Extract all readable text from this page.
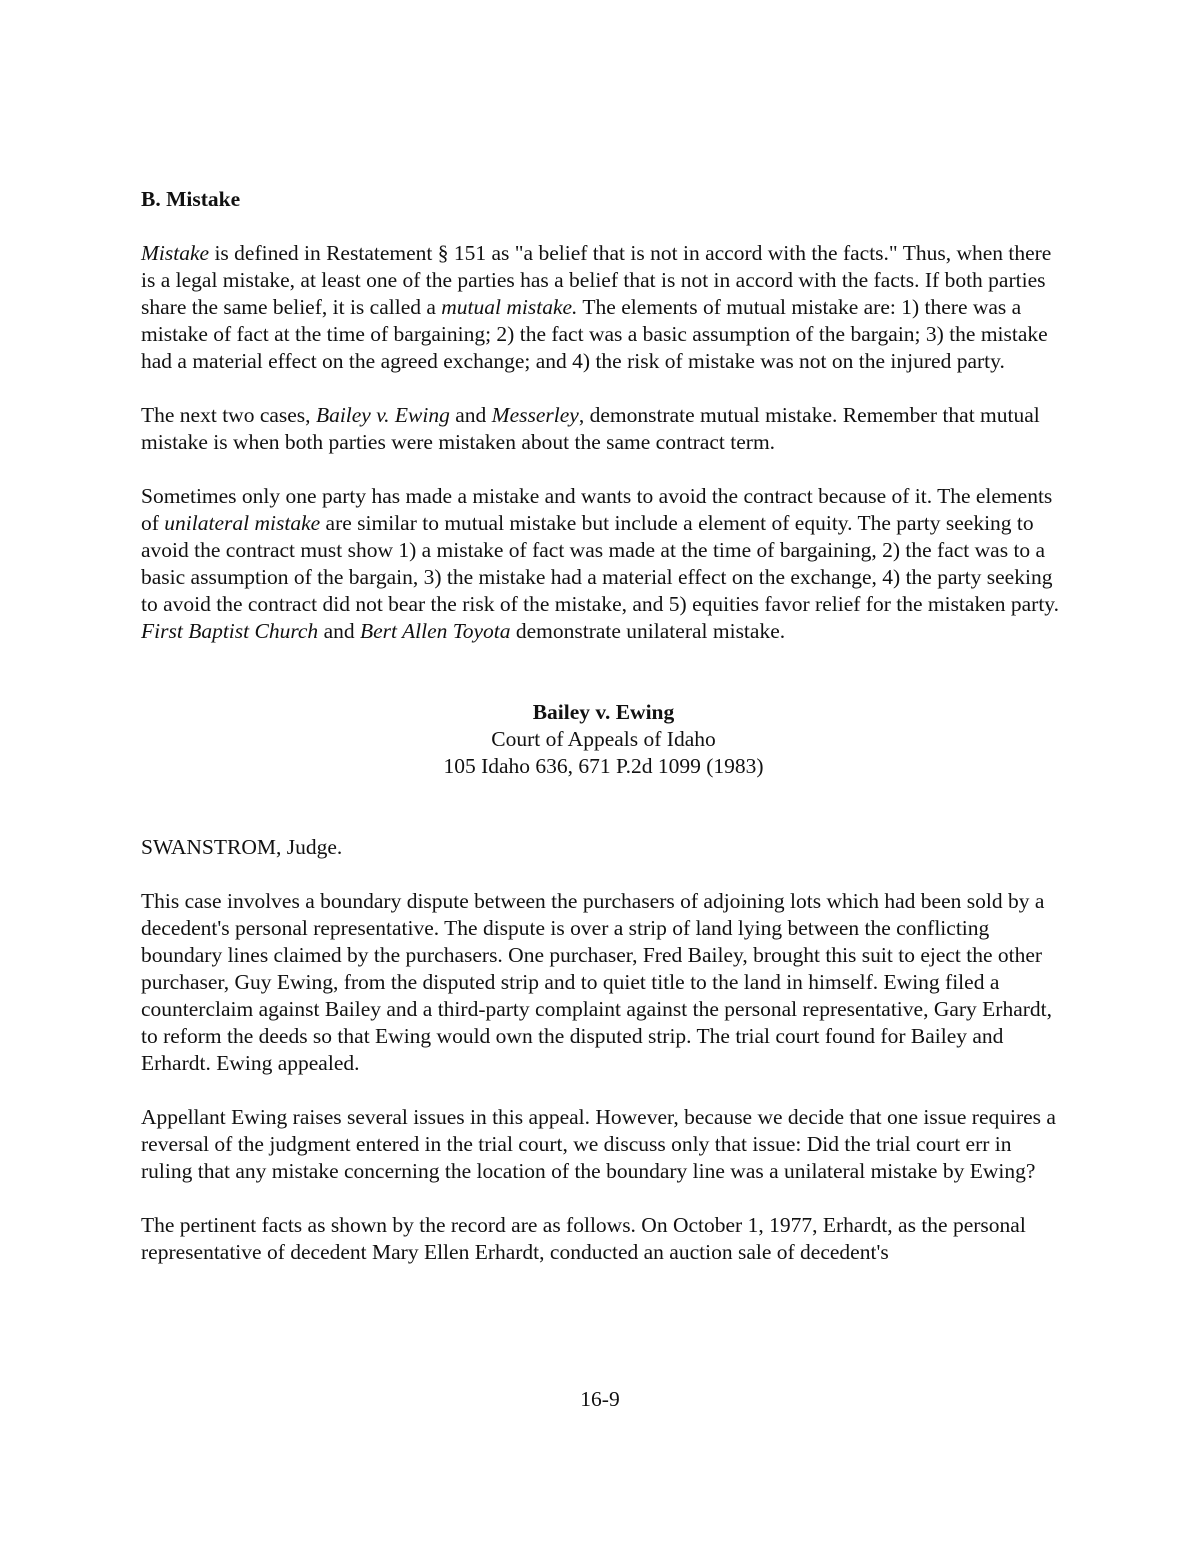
B. Mistake

Mistake is defined in Restatement § 151 as "a belief that is not in accord with the facts." Thus, when there is a legal mistake, at least one of the parties has a belief that is not in accord with the facts. If both parties share the same belief, it is called a mutual mistake. The elements of mutual mistake are: 1) there was a mistake of fact at the time of bargaining; 2) the fact was a basic assumption of the bargain; 3) the mistake had a material effect on the agreed exchange; and 4) the risk of mistake was not on the injured party.

The next two cases, Bailey v. Ewing and Messerley, demonstrate mutual mistake. Remember that mutual mistake is when both parties were mistaken about the same contract term.

Sometimes only one party has made a mistake and wants to avoid the contract because of it. The elements of unilateral mistake are similar to mutual mistake but include a element of equity. The party seeking to avoid the contract must show 1) a mistake of fact was made at the time of bargaining, 2) the fact was to a basic assumption of the bargain, 3) the mistake had a material effect on the exchange, 4) the party seeking to avoid the contract did not bear the risk of the mistake, and 5) equities favor relief for the mistaken party. First Baptist Church and Bert Allen Toyota demonstrate unilateral mistake.

Bailey v. Ewing
Court of Appeals of Idaho
105 Idaho 636, 671 P.2d 1099 (1983)

SWANSTROM, Judge.

This case involves a boundary dispute between the purchasers of adjoining lots which had been sold by a decedent's personal representative. The dispute is over a strip of land lying between the conflicting boundary lines claimed by the purchasers. One purchaser, Fred Bailey, brought this suit to eject the other purchaser, Guy Ewing, from the disputed strip and to quiet title to the land in himself. Ewing filed a counterclaim against Bailey and a third-party complaint against the personal representative, Gary Erhardt, to reform the deeds so that Ewing would own the disputed strip. The trial court found for Bailey and Erhardt. Ewing appealed.

Appellant Ewing raises several issues in this appeal. However, because we decide that one issue requires a reversal of the judgment entered in the trial court, we discuss only that issue: Did the trial court err in ruling that any mistake concerning the location of the boundary line was a unilateral mistake by Ewing?

The pertinent facts as shown by the record are as follows. On October 1, 1977, Erhardt, as the personal representative of decedent Mary Ellen Erhardt, conducted an auction sale of decedent's

16-9
